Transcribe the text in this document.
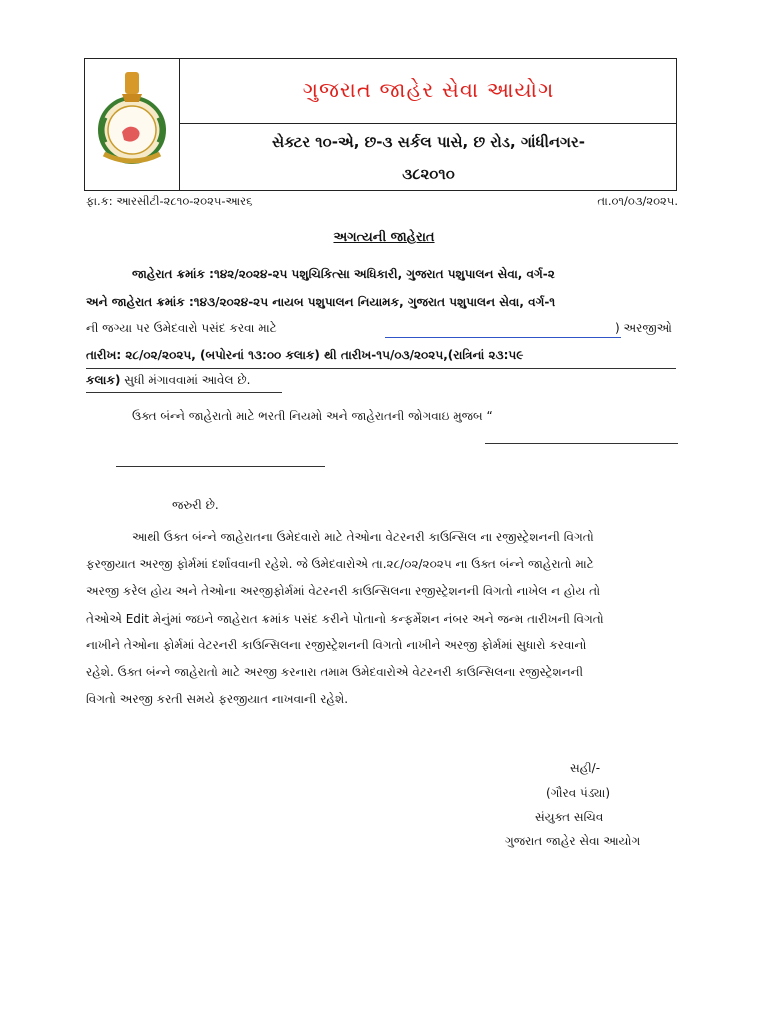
ગુજરાત જાહેર સેવા આયોગ
સેક્ટર ૧૦-એ, છ-૩ સર્કલ પાસે, છ રોડ, ગાંધીનગર-
૩૮૨૦૧૦
ફા.ક: આરસીટી-૨૮૧૦-૨૦૨૫-આર૬	તા.૦૧/૦૩/૨૦૨૫.
અગત્યની જાહેરાત
જાહેરાત ક્રમાંક :૧૪૨/૨૦૨૪-૨૫ પશુચિકિત્સા અધિકારી, ગુજરાત પશુપાલન સેવા, વર્ગ-૨
અને જાહેરાત ક્રમાંક :૧૪૩/૨૦૨૪-૨૫ નાયબ પશુપાલન નિયામક, ગુજરાત પશુપાલન સેવા, વર્ગ-૧
ની જગ્યા પર ઉમેદવારો પસંદ કરવા માટે	) અરજીઓ
તારીખ: ૨૮/૦૨/૨૦૨૫, (બપોરનાં ૧૩:૦૦ કલાક) થી તારીખ-૧૫/૦૩/૨૦૨૫,(રાત્રિનાં ૨૩:૫૯
કલાક) સુધી મંગાવવામાં આવેલ છે.
ઉક્ત બંન્ને જાહેરાતો માટે ભરતી નિયમો અને જાહેરાતની જોગવાઇ મુજબ “
જરુરી છે.
આથી ઉક્ત બંન્ને જાહેરાતના ઉમેદવારો માટે તેઓના વેટરનરી કાઉન્સિલ ના રજીસ્ટ્રેશનની વિગતો
ફરજીયાત અરજી ફોર્મમાં દર્શાવવાની રહેશે. જે ઉમેદવારોએ તા.૨૮/૦૨/૨૦૨૫ ના ઉક્ત બંન્ને જાહેરાતો માટે
અરજી કરેલ હોય અને તેઓના અરજીફોર્મમાં વેટરનરી કાઉન્સિલના રજીસ્ટ્રેશનની વિગતો નાખેલ ન હોય તો
તેઓએ Edit મેનુંમાં જઇને જાહેરાત ક્રમાંક પસંદ કરીને પોતાનો કન્ફર્મેશન નંબર અને જન્મ તારીખની વિગતો
નાખીને તેઓના ફોર્મમાં વેટરનરી કાઉન્સિલના રજીસ્ટ્રેશનની વિગતો નાખીને અરજી ફોર્મમાં સુધારો કરવાનો
રહેશે. ઉક્ત બંન્ને જાહેરાતો માટે અરજી કરનારા તમામ ઉમેદવારોએ વેટરનરી કાઉન્સિલના રજીસ્ટ્રેશનની
વિગતો અરજી કરતી સમયે ફરજીયાત નાખવાની રહેશે.
સહી/-
(ગૌરવ પંડ્યા)
સંયુક્ત સચિવ
ગુજરાત જાહેર સેવા આયોગ
